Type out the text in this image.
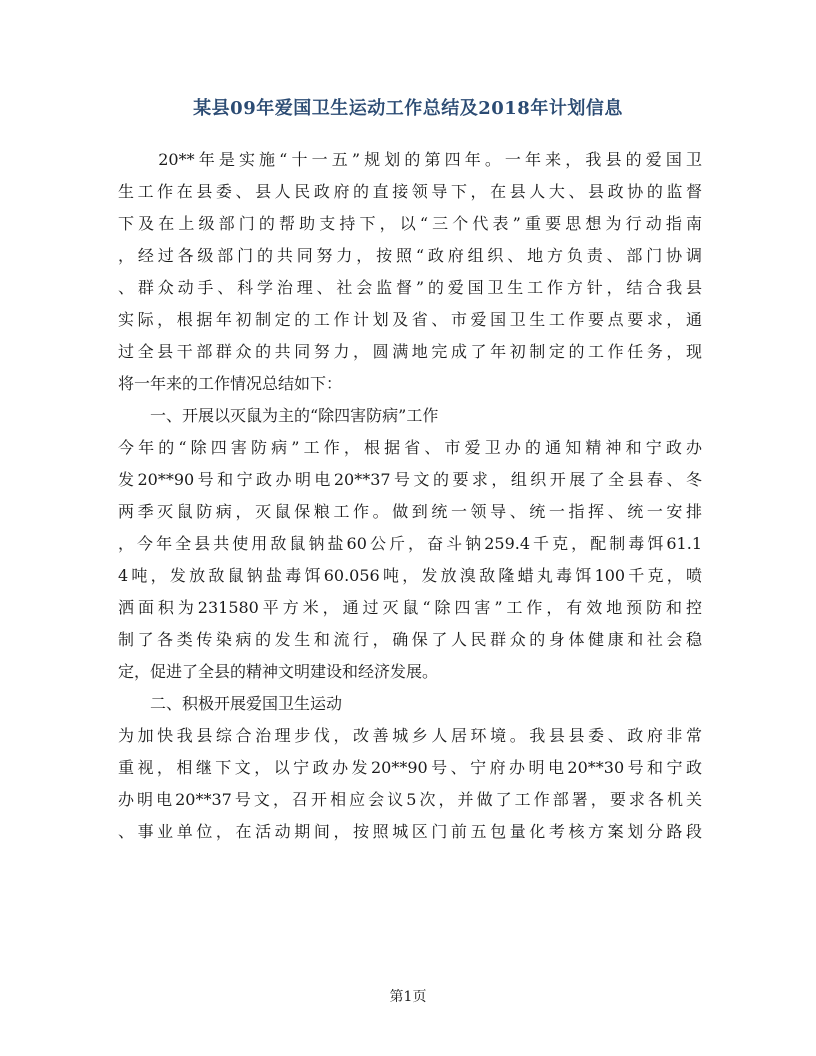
某县09年爱国卫生运动工作总结及2018年计划信息
　　20**年是实施“十一五”规划的第四年。一年来，我县的爱国卫
生工作在县委、县人民政府的直接领导下，在县人大、县政协的监督
下及在上级部门的帮助支持下，以“三个代表”重要思想为行动指南
，经过各级部门的共同努力，按照“政府组织、地方负责、部门协调
、群众动手、科学治理、社会监督”的爱国卫生工作方针，结合我县
实际，根据年初制定的工作计划及省、市爱国卫生工作要点要求，通
过全县干部群众的共同努力，圆满地完成了年初制定的工作任务，现
将一年来的工作情况总结如下：
　　一、开展以灭鼠为主的“除四害防病”工作
今年的“除四害防病”工作，根据省、市爱卫办的通知精神和宁政办
发20**90号和宁政办明电20**37号文的要求，组织开展了全县春、冬
两季灭鼠防病，灭鼠保粮工作。做到统一领导、统一指挥、统一安排
，今年全县共使用敌鼠钠盐60公斤，奋斗钠259.4千克，配制毒饵61.1
4吨，发放敌鼠钠盐毒饵60.056吨，发放溴敌隆蜡丸毒饵100千克，喷
洒面积为231580平方米，通过灭鼠“除四害”工作，有效地预防和控
制了各类传染病的发生和流行，确保了人民群众的身体健康和社会稳
定，促进了全县的精神文明建设和经济发展。
　　二、积极开展爱国卫生运动
为加快我县综合治理步伐，改善城乡人居环境。我县县委、政府非常
重视，相继下文，以宁政办发20**90号、宁府办明电20**30号和宁政
办明电20**37号文，召开相应会议5次，并做了工作部署，要求各机关
、事业单位，在活动期间，按照城区门前五包量化考核方案划分路段
第1页
